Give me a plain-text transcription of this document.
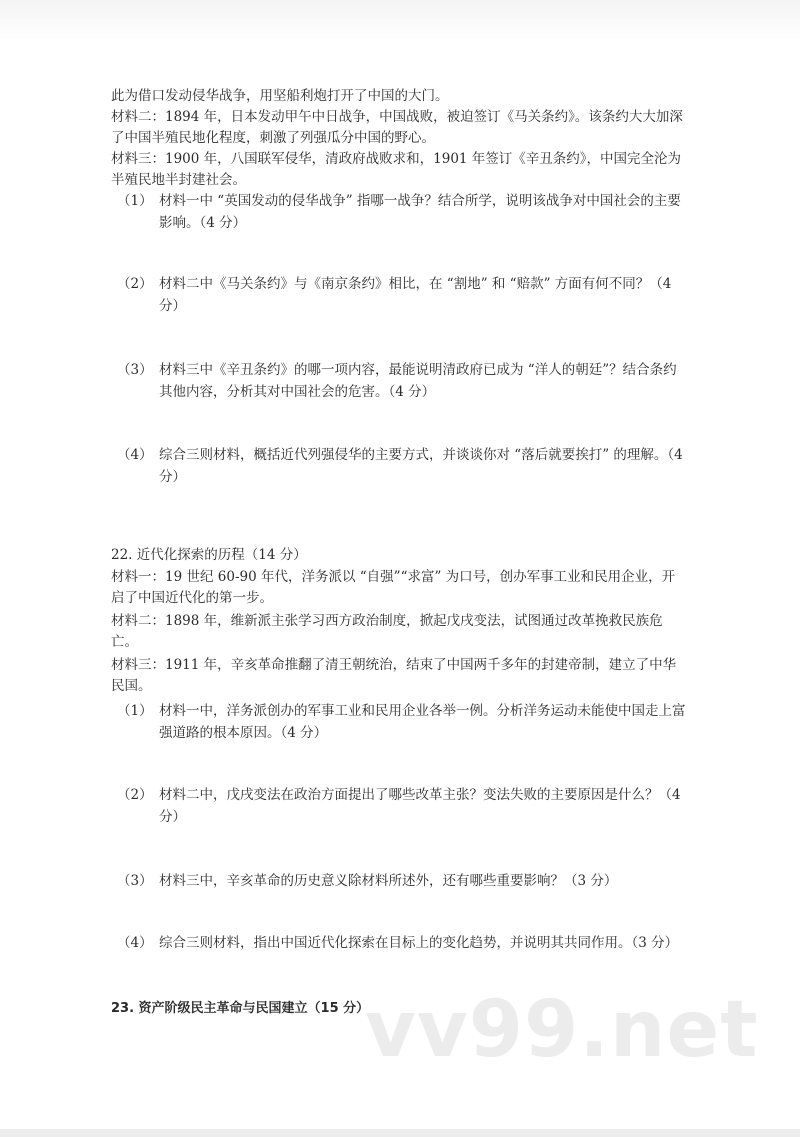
此为借口发动侵华战争，用坚船利炮打开了中国的大门。
材料二：1894 年，日本发动甲午中日战争，中国战败，被迫签订《马关条约》。该条约大大加深了中国半殖民地化程度，刺激了列强瓜分中国的野心。
材料三：1900 年，八国联军侵华，清政府战败求和，1901 年签订《辛丑条约》，中国完全沦为半殖民地半封建社会。
（1） 材料一中 “英国发动的侵华战争” 指哪一战争？结合所学，说明该战争对中国社会的主要影响。（4 分）
（2） 材料二中《马关条约》与《南京条约》相比，在 “割地” 和 “赔款” 方面有何不同？（4 分）
（3） 材料三中《辛丑条约》的哪一项内容，最能说明清政府已成为 “洋人的朝廷”？结合条约其他内容，分析其对中国社会的危害。（4 分）
（4） 综合三则材料，概括近代列强侵华的主要方式，并谈谈你对 “落后就要挨打” 的理解。（4 分）
22. 近代化探索的历程（14 分）
材料一：19 世纪 60-90 年代，洋务派以 “自强”“求富” 为口号，创办军事工业和民用企业，开启了中国近代化的第一步。
材料二：1898 年，维新派主张学习西方政治制度，掀起戊戌变法，试图通过改革挽救民族危亡。
材料三：1911 年，辛亥革命推翻了清王朝统治，结束了中国两千多年的封建帝制，建立了中华民国。
（1） 材料一中，洋务派创办的军事工业和民用企业各举一例。分析洋务运动未能使中国走上富强道路的根本原因。（4 分）
（2） 材料二中，戊戌变法在政治方面提出了哪些改革主张？变法失败的主要原因是什么？（4 分）
（3） 材料三中，辛亥革命的历史意义除材料所述外，还有哪些重要影响？（3 分）
（4） 综合三则材料，指出中国近代化探索在目标上的变化趋势，并说明其共同作用。（3 分）
23. 资产阶级民主革命与民国建立（15 分）
vv99.net
